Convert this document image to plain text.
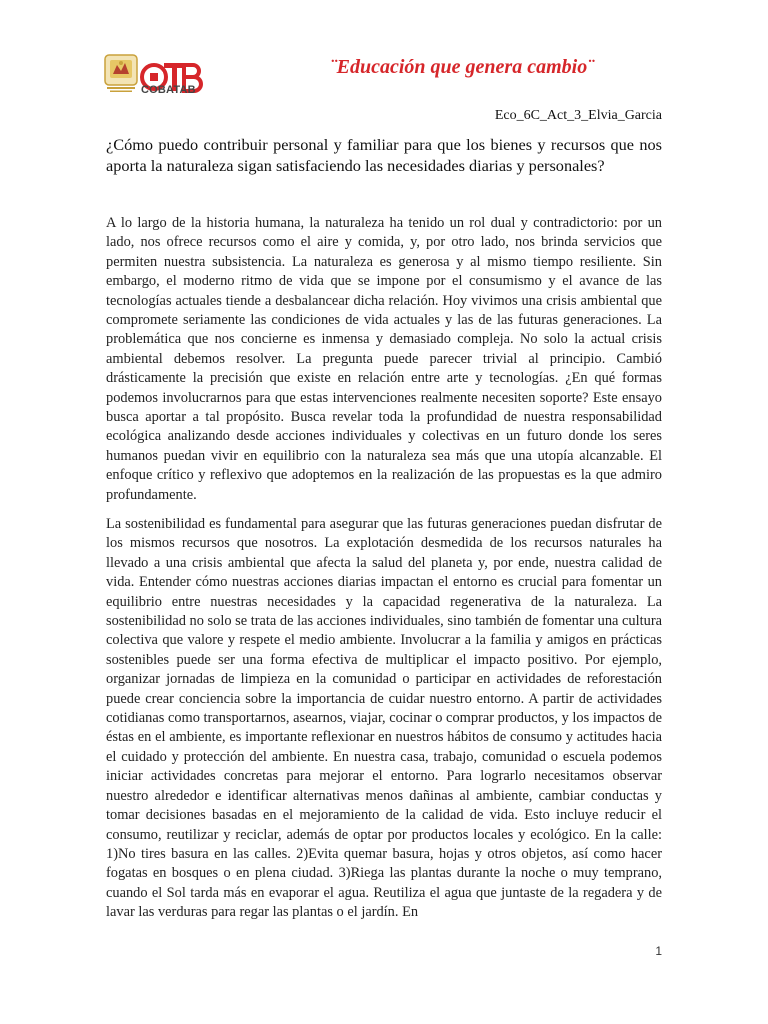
COBATAB
¨Educación que genera cambio¨
Eco_6C_Act_3_Elvia_Garcia
¿Cómo puedo contribuir personal y familiar para que los bienes y recursos que nos aporta la naturaleza sigan satisfaciendo las necesidades diarias y personales?

A lo largo de la historia humana, la naturaleza ha tenido un rol dual y contradictorio: por un lado, nos ofrece recursos como el aire y comida, y, por otro lado, nos brinda servicios que permiten nuestra subsistencia. La naturaleza es generosa y al mismo tiempo resiliente. Sin embargo, el moderno ritmo de vida que se impone por el consumismo y el avance de las tecnologías actuales tiende a desbalancear dicha relación. Hoy vivimos una crisis ambiental que compromete seriamente las condiciones de vida actuales y las de las futuras generaciones. La problemática que nos concierne es inmensa y demasiado compleja. No solo la actual crisis ambiental debemos resolver. La pregunta puede parecer trivial al principio. Cambió drásticamente la precisión que existe en relación entre arte y tecnologías. ¿En qué formas podemos involucrarnos para que estas intervenciones realmente necesiten soporte? Este ensayo busca aportar a tal propósito. Busca revelar toda la profundidad de nuestra responsabilidad ecológica analizando desde acciones individuales y colectivas en un futuro donde los seres humanos puedan vivir en equilibrio con la naturaleza sea más que una utopía alcanzable. El enfoque crítico y reflexivo que adoptemos en la realización de las propuestas es la que admiro profundamente.

La sostenibilidad es fundamental para asegurar que las futuras generaciones puedan disfrutar de los mismos recursos que nosotros. La explotación desmedida de los recursos naturales ha llevado a una crisis ambiental que afecta la salud del planeta y, por ende, nuestra calidad de vida. Entender cómo nuestras acciones diarias impactan el entorno es crucial para fomentar un equilibrio entre nuestras necesidades y la capacidad regenerativa de la naturaleza. La sostenibilidad no solo se trata de las acciones individuales, sino también de fomentar una cultura colectiva que valore y respete el medio ambiente. Involucrar a la familia y amigos en prácticas sostenibles puede ser una forma efectiva de multiplicar el impacto positivo. Por ejemplo, organizar jornadas de limpieza en la comunidad o participar en actividades de reforestación puede crear conciencia sobre la importancia de cuidar nuestro entorno. A partir de actividades cotidianas como transportarnos, asearnos, viajar, cocinar o comprar productos, y los impactos de éstas en el ambiente, es importante reflexionar en nuestros hábitos de consumo y actitudes hacia el cuidado y protección del ambiente. En nuestra casa, trabajo, comunidad o escuela podemos iniciar actividades concretas para mejorar el entorno. Para lograrlo necesitamos observar nuestro alrededor e identificar alternativas menos dañinas al ambiente, cambiar conductas y tomar decisiones basadas en el mejoramiento de la calidad de vida. Esto incluye reducir el consumo, reutilizar y reciclar, además de optar por productos locales y ecológico. En la calle: 1)No tires basura en las calles. 2)Evita quemar basura, hojas y otros objetos, así como hacer fogatas en bosques o en plena ciudad. 3)Riega las plantas durante la noche o muy temprano, cuando el Sol tarda más en evaporar el agua. Reutiliza el agua que juntaste de la regadera y de lavar las verduras para regar las plantas o el jardín. En

1
